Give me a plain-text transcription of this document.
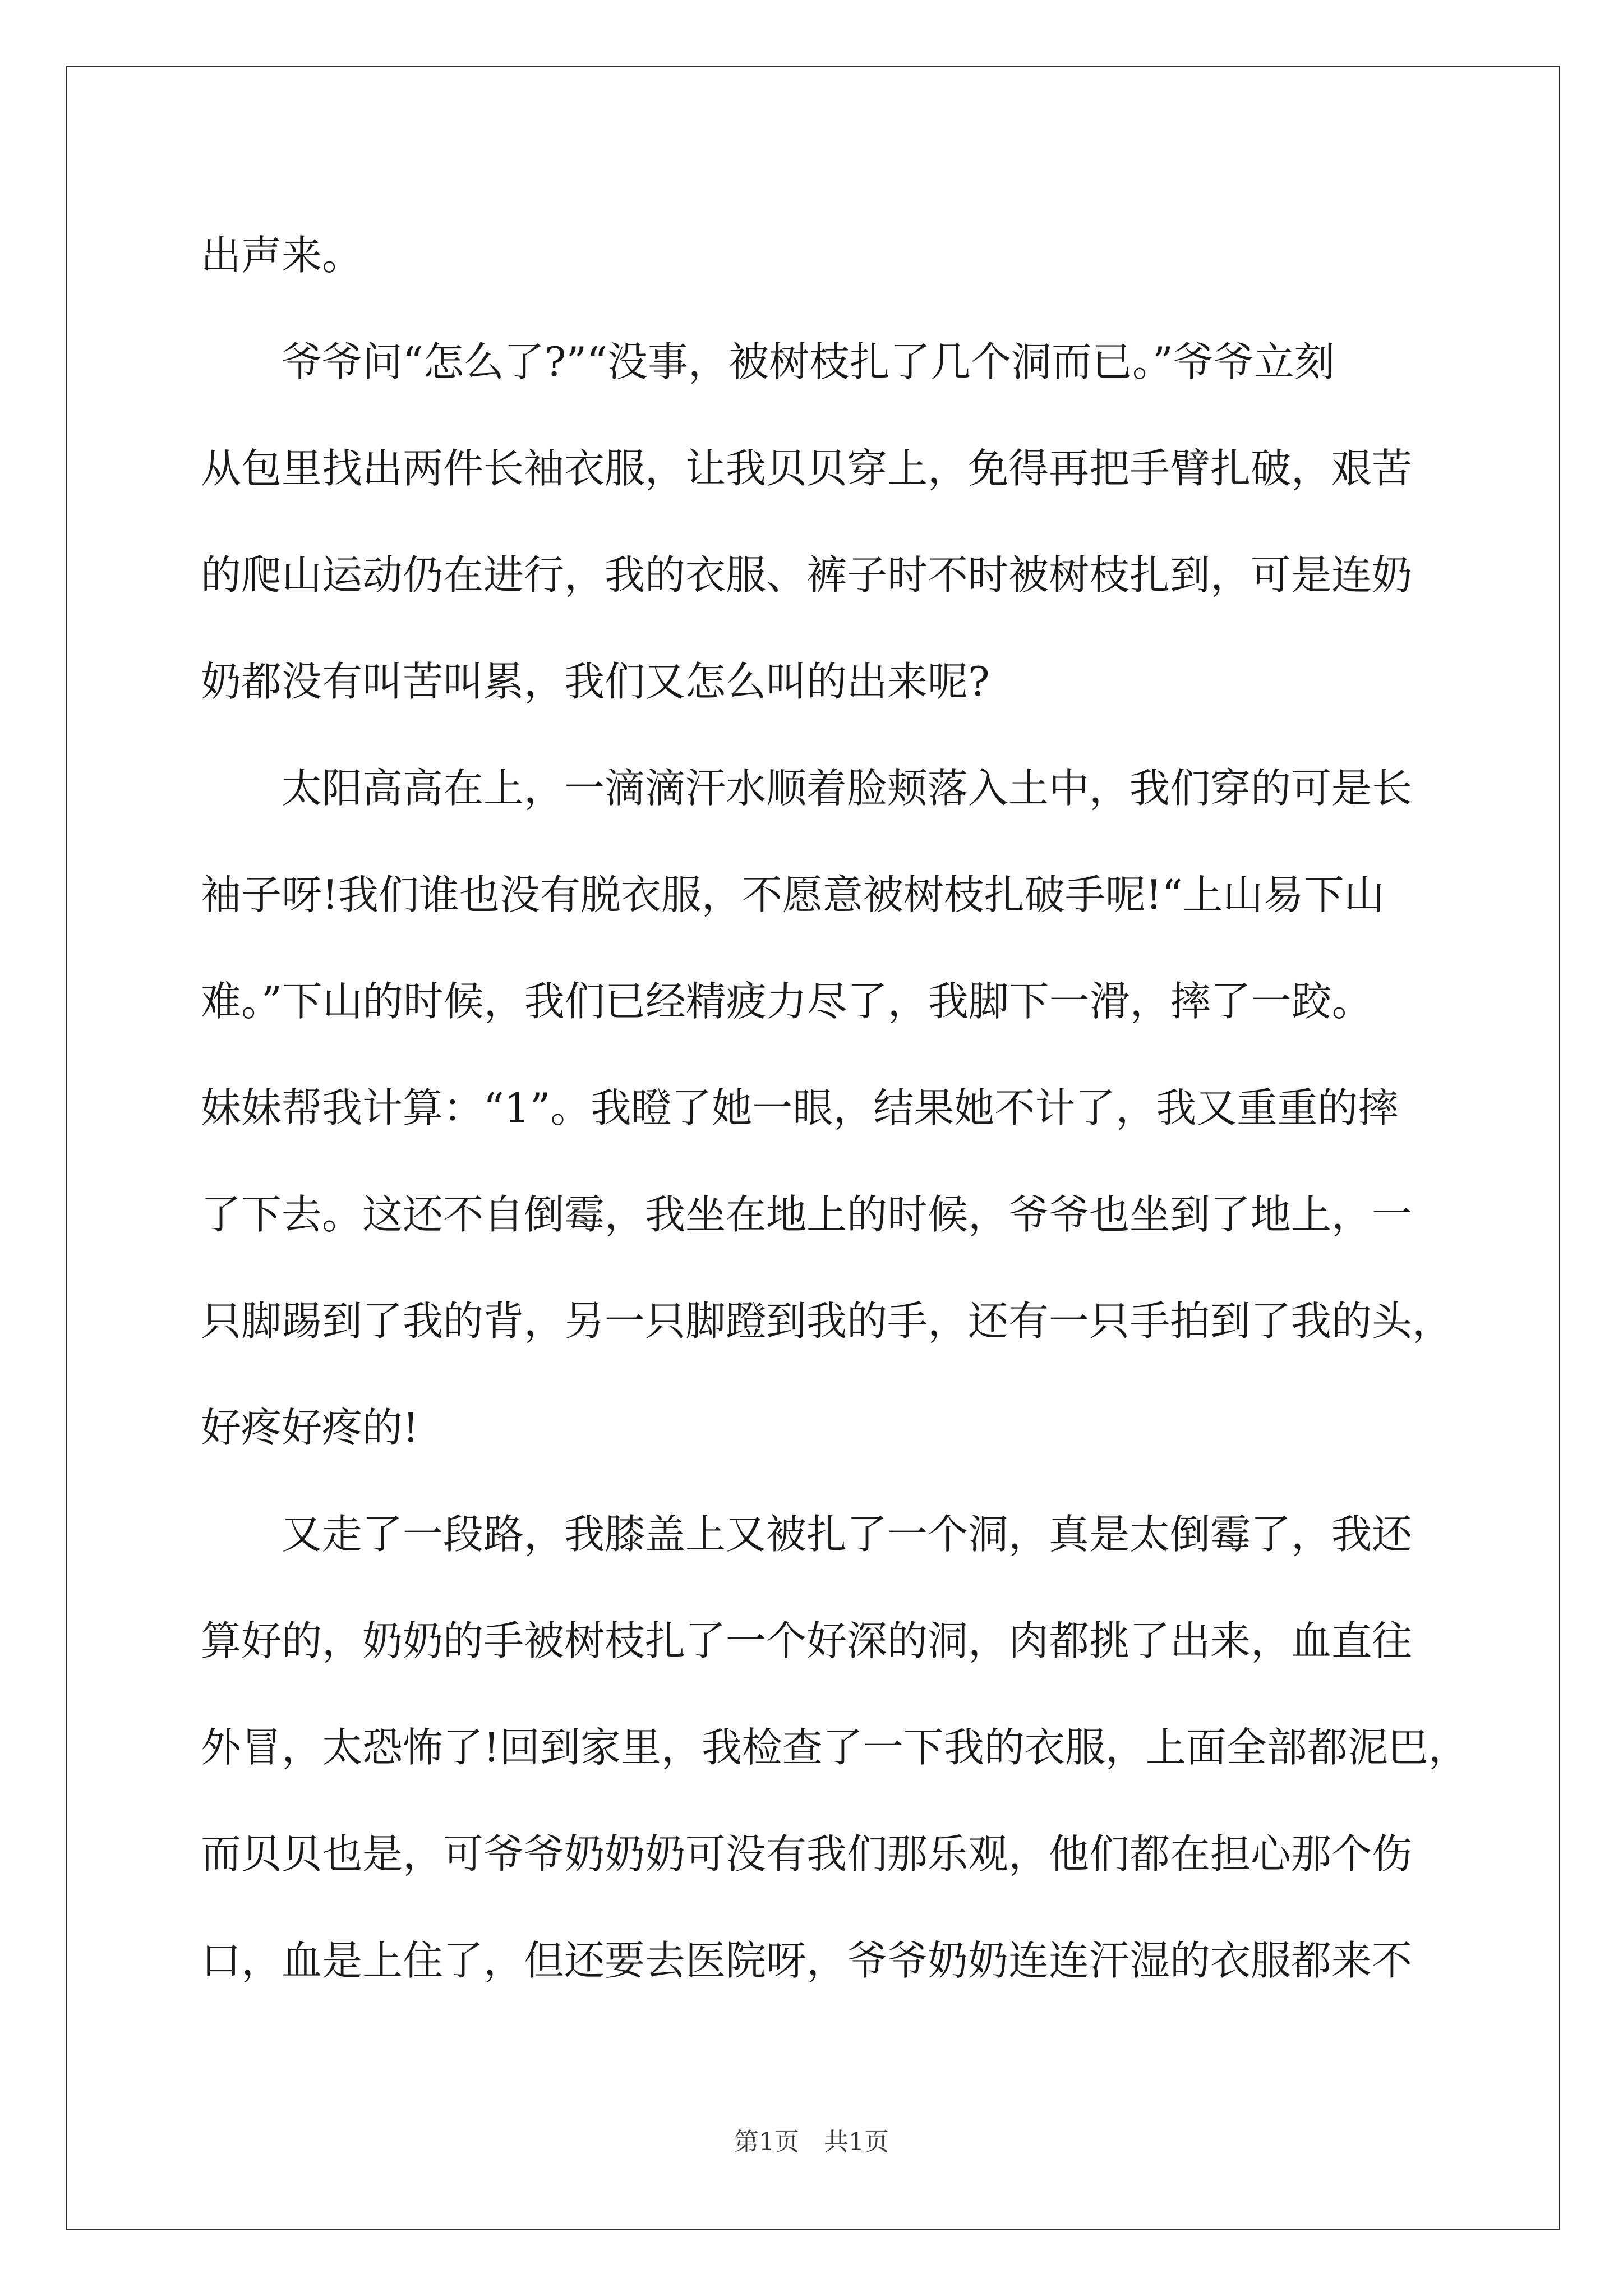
出声来。
爷爷问“怎么了?”“没事，被树枝扎了几个洞而已。”爷爷立刻
从包里找出两件长袖衣服，让我贝贝穿上，免得再把手臂扎破，艰苦
的爬山运动仍在进行，我的衣服、裤子时不时被树枝扎到，可是连奶
奶都没有叫苦叫累，我们又怎么叫的出来呢?
太阳高高在上，一滴滴汗水顺着脸颊落入土中，我们穿的可是长
袖子呀!我们谁也没有脱衣服，不愿意被树枝扎破手呢!“上山易下山
难。”下山的时候，我们已经精疲力尽了，我脚下一滑，摔了一跤。
妹妹帮我计算：“1”。我瞪了她一眼，结果她不计了，我又重重的摔
了下去。这还不自倒霉，我坐在地上的时候，爷爷也坐到了地上，一
只脚踢到了我的背，另一只脚蹬到我的手，还有一只手拍到了我的头，
好疼好疼的!
又走了一段路，我膝盖上又被扎了一个洞，真是太倒霉了，我还
算好的，奶奶的手被树枝扎了一个好深的洞，肉都挑了出来，血直往
外冒，太恐怖了!回到家里，我检查了一下我的衣服，上面全部都泥巴，
而贝贝也是，可爷爷奶奶奶可没有我们那乐观，他们都在担心那个伤
口，血是上住了，但还要去医院呀，爷爷奶奶连连汗湿的衣服都来不
第1页　共1页
